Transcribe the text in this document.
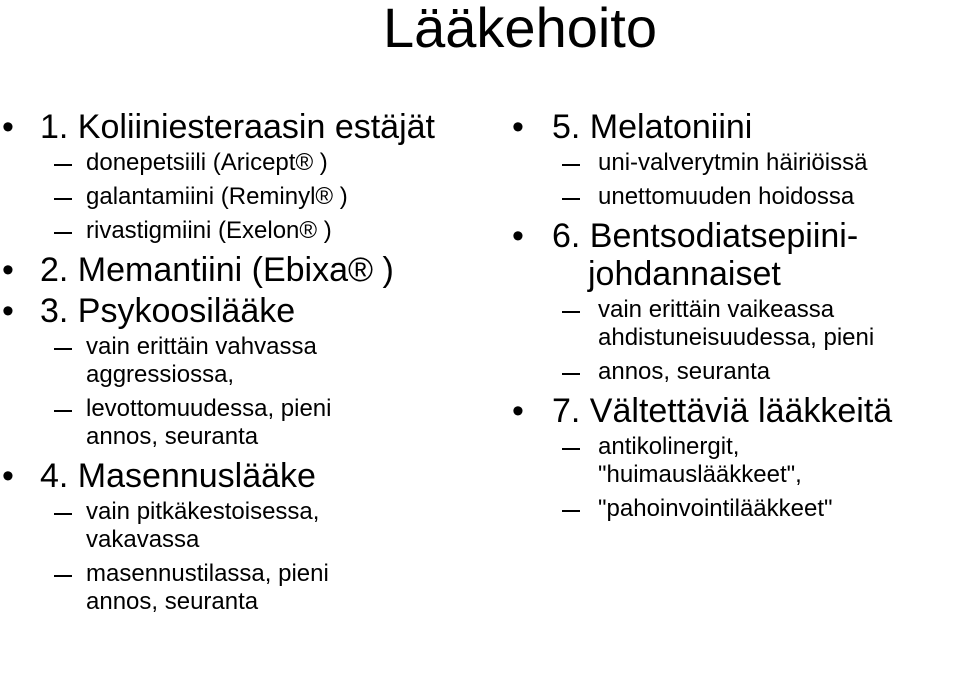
Lääkehoito
• 1. Koliiniesteraasin estäjät
donepetsiili (Aricept® )
galantamiini (Reminyl® )
rivastigmiini (Exelon® )
• 2. Memantiini (Ebixa® )
• 3. Psykoosilääke
vain erittäin vahvassa
aggressiossa,
levottomuudessa, pieni
annos, seuranta
• 4. Masennuslääke
vain pitkäkestoisessa,
vakavassa
masennustilassa, pieni
annos, seuranta
• 5. Melatoniini
uni-valverytmin häiriöissä
unettomuuden hoidossa
• 6. Bentsodiatsepiini-
johdannaiset
vain erittäin vaikeassa
ahdistuneisuudessa, pieni
annos, seuranta
• 7. Vältettäviä lääkkeitä
antikolinergit,
"huimauslääkkeet",
"pahoinvointilääkkeet"
